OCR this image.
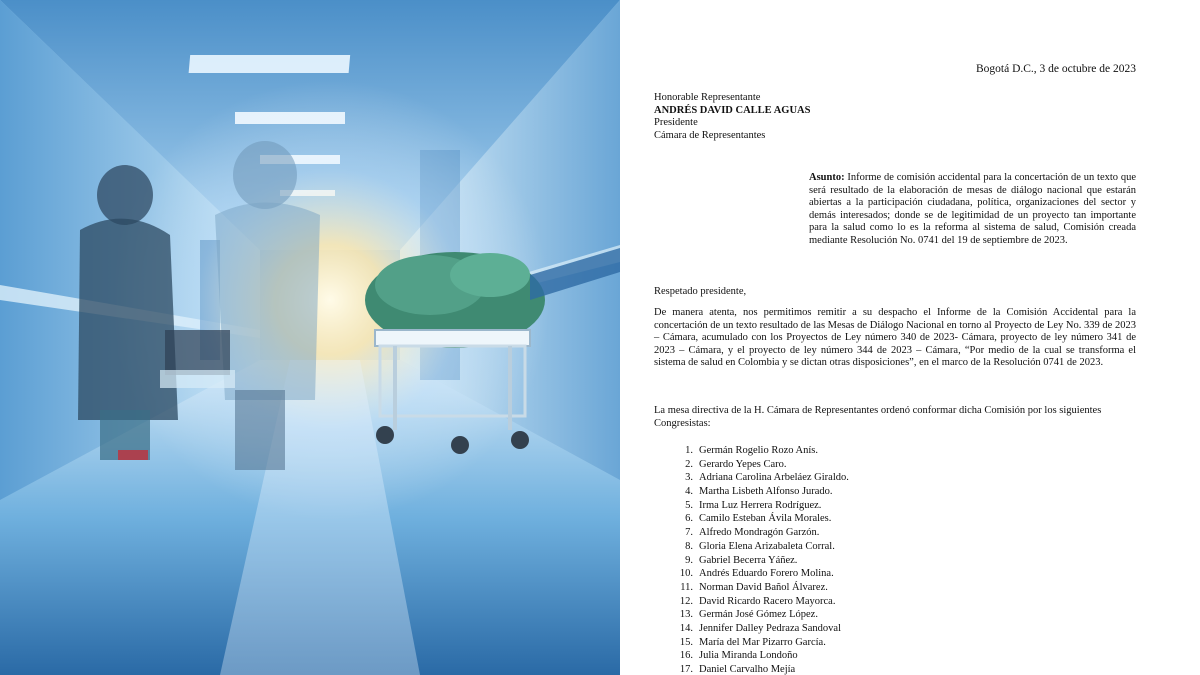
Bogotá D.C., 3 de octubre de 2023
Honorable Representante
ANDRÉS DAVID CALLE AGUAS
Presidente
Cámara de Representantes
Asunto: Informe de comisión accidental para la concertación de un texto que será resultado de la elaboración de mesas de diálogo nacional que estarán abiertas a la participación ciudadana, política, organizaciones del sector y demás interesados; donde se de legitimidad de un proyecto tan importante para la salud como lo es la reforma al sistema de salud, Comisión creada mediante Resolución No. 0741 del 19 de septiembre de 2023.
Respetado presidente,
De manera atenta, nos permitimos remitir a su despacho el Informe de la Comisión Accidental para la concertación de un texto resultado de las Mesas de Diálogo Nacional en torno al Proyecto de Ley No. 339 de 2023 – Cámara, acumulado con los Proyectos de Ley número 340 de 2023- Cámara, proyecto de ley número 341 de 2023 – Cámara, y el proyecto de ley número 344 de 2023 – Cámara, “Por medio de la cual se transforma el sistema de salud en Colombia y se dictan otras disposiciones”, en el marco de la Resolución 0741 de 2023.
La mesa directiva de la H. Cámara de Representantes ordenó conformar dicha Comisión por los siguientes Congresistas:
1. Germán Rogelio Rozo Anís.
2. Gerardo Yepes Caro.
3. Adriana Carolina Arbeláez Giraldo.
4. Martha Lisbeth Alfonso Jurado.
5. Irma Luz Herrera Rodríguez.
6. Camilo Esteban Ávila Morales.
7. Alfredo Mondragón Garzón.
8. Gloria Elena Arizabaleta Corral.
9. Gabriel Becerra Yáñez.
10. Andrés Eduardo Forero Molina.
11. Norman David Bañol Álvarez.
12. David Ricardo Racero Mayorca.
13. Germán José Gómez López.
14. Jennifer Dalley Pedraza Sandoval
15. María del Mar Pizarro García.
16. Julia Miranda Londoño
17. Daniel Carvalho Mejía
